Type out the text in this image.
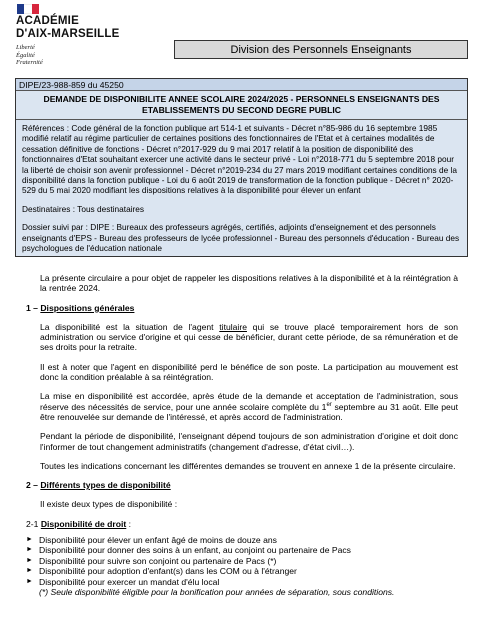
ACADÉMIE
D'AIX-MARSEILLE
Liberté
Égalité
Fraternité
Division des Personnels Enseignants
DIPE/23-988-859 du 45250
DEMANDE DE DISPONIBILITE ANNEE SCOLAIRE 2024/2025 - PERSONNELS ENSEIGNANTS DES ETABLISSEMENTS DU SECOND DEGRE PUBLIC

Références : Code général de la fonction publique art 514-1 et suivants - Décret n°85-986 du 16 septembre 1985 modifié relatif au régime particulier de certaines positions des fonctionnaires de l'Etat et à certaines modalités de cessation définitive de fonctions - Décret n°2017-929 du 9 mai 2017 relatif à la position de disponibilité des fonctionnaires d'Etat souhaitant exercer une activité dans le secteur privé - Loi n°2018-771 du 5 septembre 2018 pour la liberté de choisir son avenir professionnel - Décret n°2019-234 du 27 mars 2019 modifiant certaines conditions de la disponibilité dans la fonction publique - Loi du 6 août 2019 de transformation de la fonction publique - Décret n° 2020-529 du 5 mai 2020 modifiant les dispositions relatives à la disponibilité pour élever un enfant

Destinataires : Tous destinataires

Dossier suivi par : DIPE : Bureaux des professeurs agrégés, certifiés, adjoints d'enseignement et des personnels enseignants d'EPS - Bureau des professeurs de lycée professionnel - Bureau des personnels d'éducation - Bureau des psychologues de l'éducation nationale

La présente circulaire a pour objet de rappeler les dispositions relatives à la disponibilité et à la réintégration à la rentrée 2024.

1 – Dispositions générales

La disponibilité est la situation de l'agent titulaire qui se trouve placé temporairement hors de son administration ou service d'origine et qui cesse de bénéficier, durant cette période, de sa rémunération et de ses droits pour la retraite.

Il est à noter que l'agent en disponibilité perd le bénéfice de son poste. La participation au mouvement est donc la condition préalable à sa réintégration.

La mise en disponibilité est accordée, après étude de la demande et acceptation de l'administration, sous réserve des nécessités de service, pour une année scolaire complète du 1er septembre au 31 août. Elle peut être renouvelée sur demande de l'intéressé, et après accord de l'administration.

Pendant la période de disponibilité, l'enseignant dépend toujours de son administration d'origine et doit donc l'informer de tout changement administratifs (changement d'adresse, d'état civil…).

Toutes les indications concernant les différentes demandes se trouvent en annexe 1 de la présente circulaire.

2 – Différents types de disponibilité

Il existe deux types de disponibilité :

2-1 Disponibilité de droit :
► Disponibilité pour élever un enfant âgé de moins de douze ans
► Disponibilité pour donner des soins à un enfant, au conjoint ou partenaire de Pacs
► Disponibilité pour suivre son conjoint ou partenaire de Pacs (*)
► Disponibilité pour adoption d'enfant(s) dans les COM ou à l'étranger
► Disponibilité pour exercer un mandat d'élu local
(*) Seule disponibilité éligible pour la bonification pour années de séparation, sous conditions.
